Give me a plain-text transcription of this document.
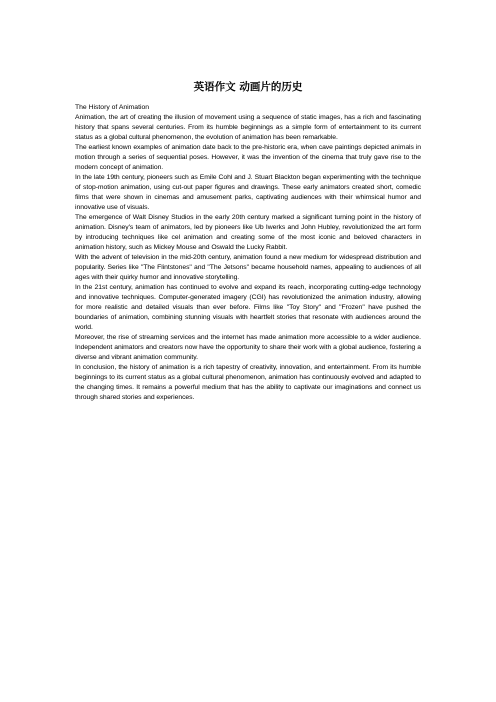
英语作文 动画片的历史

The History of Animation

Animation, the art of creating the illusion of movement using a sequence of static images, has a rich and fascinating history that spans several centuries. From its humble beginnings as a simple form of entertainment to its current status as a global cultural phenomenon, the evolution of animation has been remarkable.

The earliest known examples of animation date back to the pre-historic era, when cave paintings depicted animals in motion through a series of sequential poses. However, it was the invention of the cinema that truly gave rise to the modern concept of animation.

In the late 19th century, pioneers such as Emile Cohl and J. Stuart Blackton began experimenting with the technique of stop-motion animation, using cut-out paper figures and drawings. These early animators created short, comedic films that were shown in cinemas and amusement parks, captivating audiences with their whimsical humor and innovative use of visuals.

The emergence of Walt Disney Studios in the early 20th century marked a significant turning point in the history of animation. Disney's team of animators, led by pioneers like Ub Iwerks and John Hubley, revolutionized the art form by introducing techniques like cel animation and creating some of the most iconic and beloved characters in animation history, such as Mickey Mouse and Oswald the Lucky Rabbit.

With the advent of television in the mid-20th century, animation found a new medium for widespread distribution and popularity. Series like "The Flintstones" and "The Jetsons" became household names, appealing to audiences of all ages with their quirky humor and innovative storytelling.

In the 21st century, animation has continued to evolve and expand its reach, incorporating cutting-edge technology and innovative techniques. Computer-generated imagery (CGI) has revolutionized the animation industry, allowing for more realistic and detailed visuals than ever before. Films like "Toy Story" and "Frozen" have pushed the boundaries of animation, combining stunning visuals with heartfelt stories that resonate with audiences around the world.

Moreover, the rise of streaming services and the internet has made animation more accessible to a wider audience. Independent animators and creators now have the opportunity to share their work with a global audience, fostering a diverse and vibrant animation community.

In conclusion, the history of animation is a rich tapestry of creativity, innovation, and entertainment. From its humble beginnings to its current status as a global cultural phenomenon, animation has continuously evolved and adapted to the changing times. It remains a powerful medium that has the ability to captivate our imaginations and connect us through shared stories and experiences.
